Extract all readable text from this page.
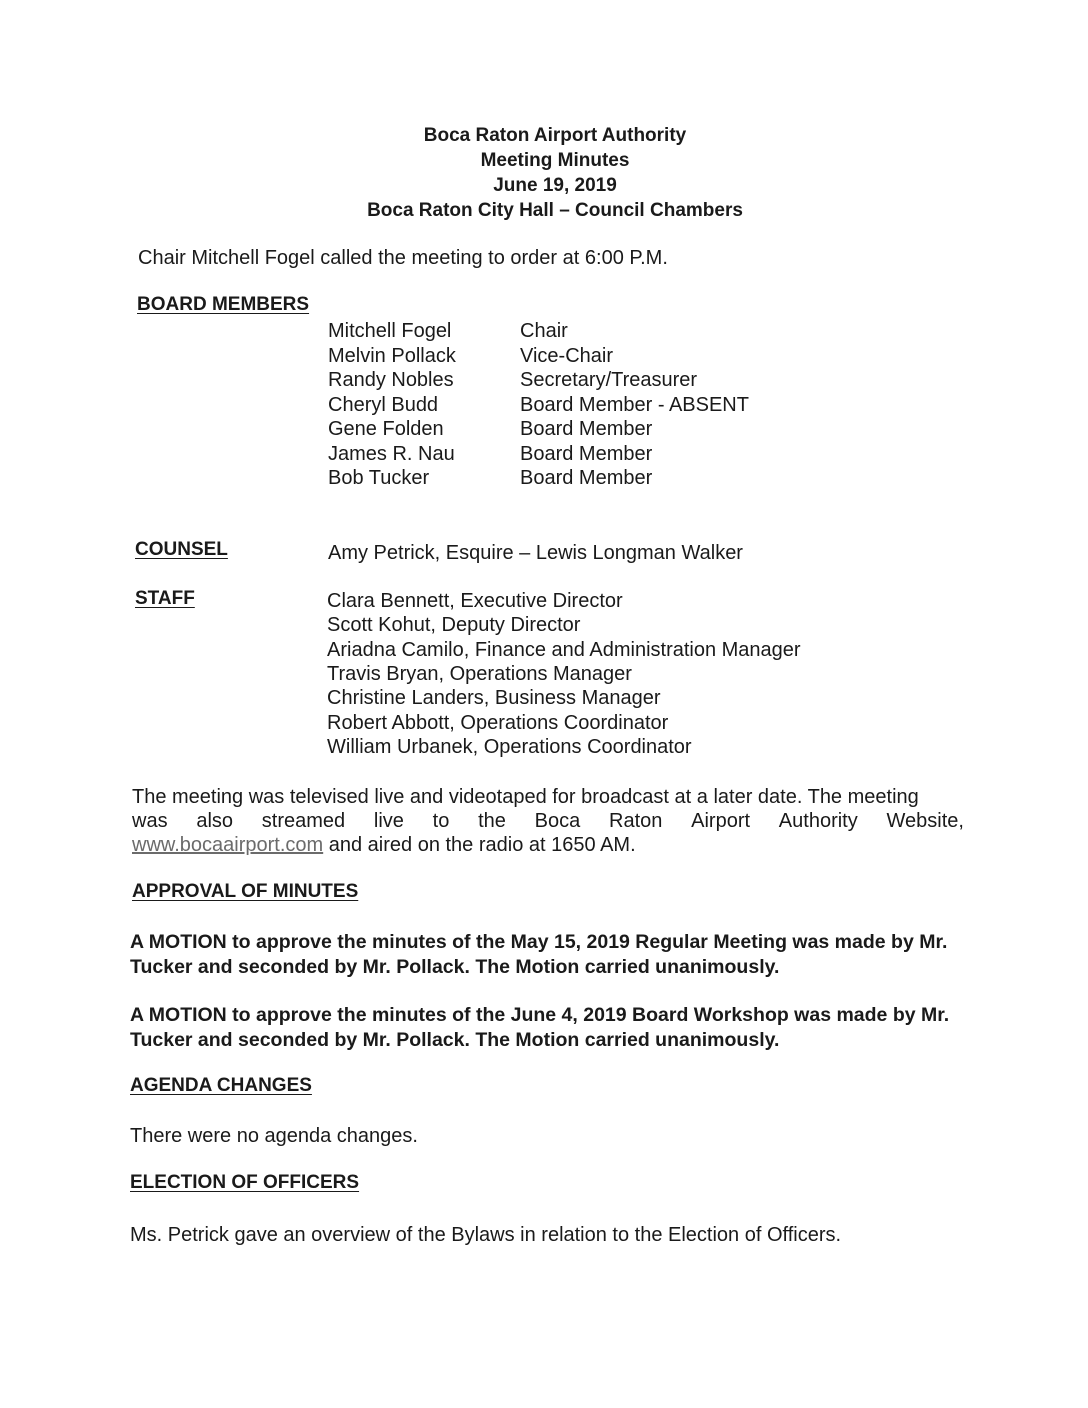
Boca Raton Airport Authority
Meeting Minutes
June 19, 2019
Boca Raton City Hall – Council Chambers
Chair Mitchell Fogel called the meeting to order at 6:00 P.M.
BOARD MEMBERS
Mitchell Fogel	Chair
Melvin Pollack	Vice-Chair
Randy Nobles	Secretary/Treasurer
Cheryl Budd	Board Member - ABSENT
Gene Folden	Board Member
James R. Nau	Board Member
Bob Tucker	Board Member
COUNSEL	Amy Petrick, Esquire – Lewis Longman Walker
STAFF	Clara Bennett, Executive Director
Scott Kohut, Deputy Director
Ariadna Camilo, Finance and Administration Manager
Travis Bryan, Operations Manager
Christine Landers, Business Manager
Robert Abbott, Operations Coordinator
William Urbanek, Operations Coordinator
The meeting was televised live and videotaped for broadcast at a later date. The meeting
was also streamed live to the Boca Raton Airport Authority Website,
www.bocaairport.com and aired on the radio at 1650 AM.
APPROVAL OF MINUTES
A MOTION to approve the minutes of the May 15, 2019 Regular Meeting was made by Mr. Tucker and seconded by Mr. Pollack. The Motion carried unanimously.
A MOTION to approve the minutes of the June 4, 2019 Board Workshop was made by Mr. Tucker and seconded by Mr. Pollack. The Motion carried unanimously.
AGENDA CHANGES
There were no agenda changes.
ELECTION OF OFFICERS
Ms. Petrick gave an overview of the Bylaws in relation to the Election of Officers.
